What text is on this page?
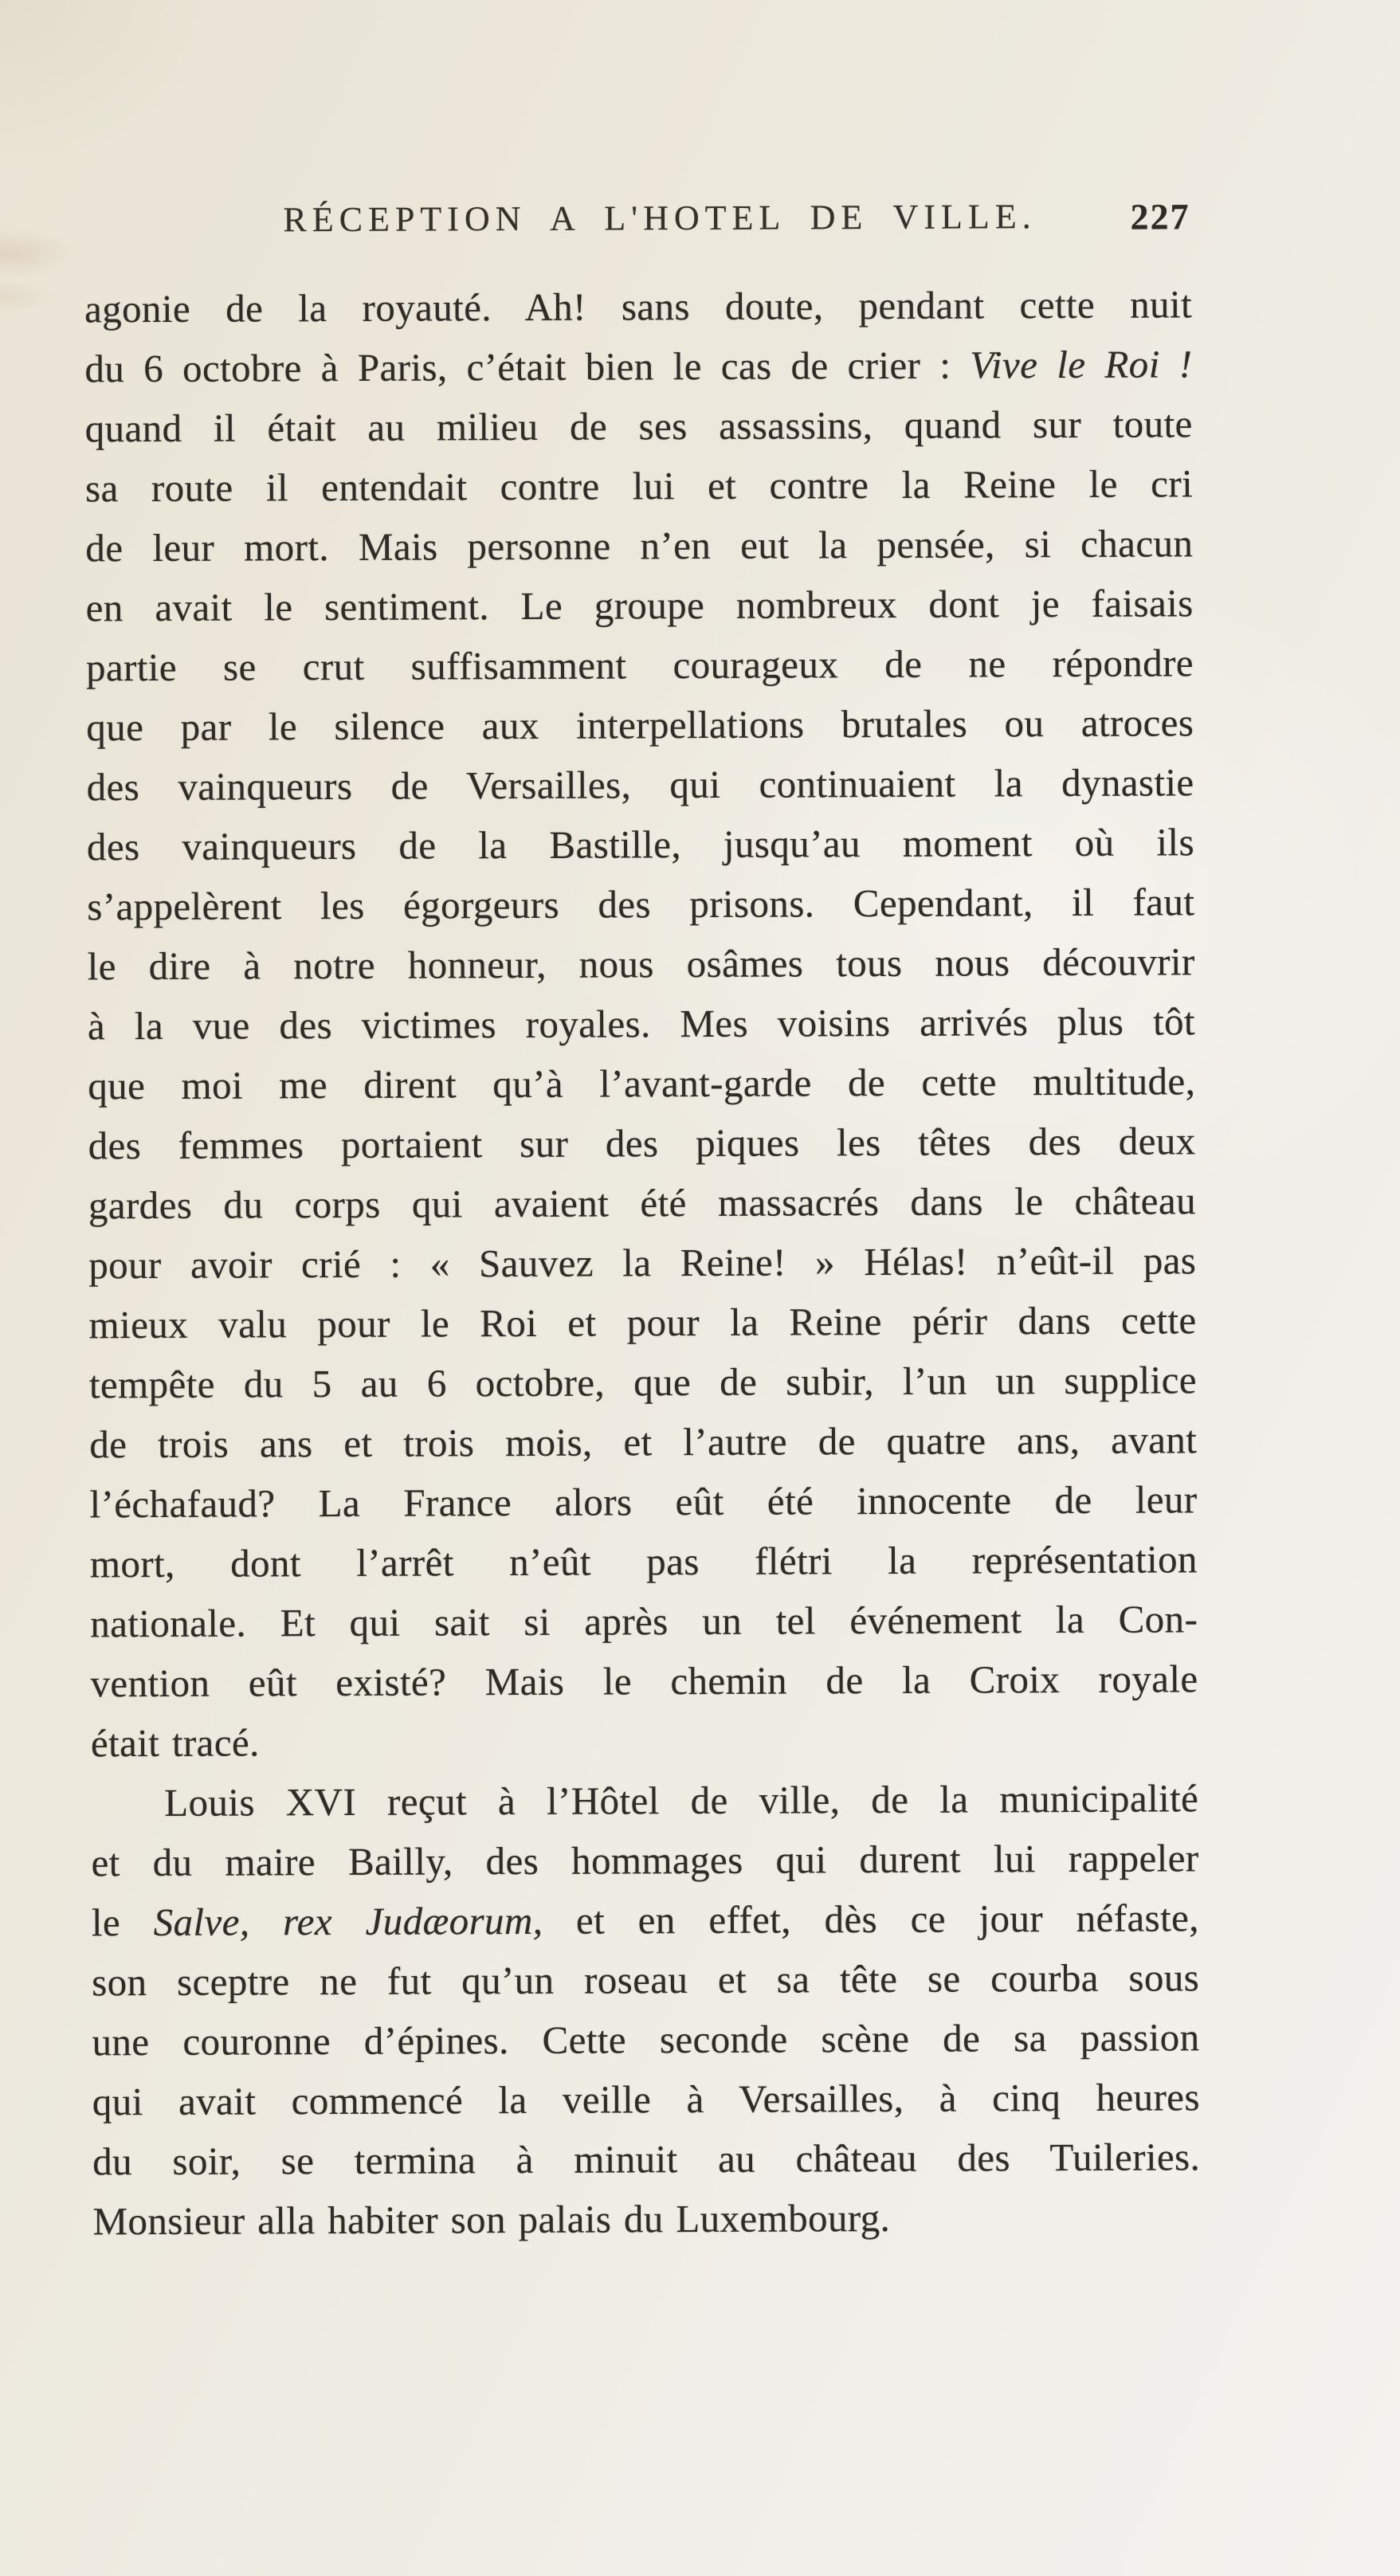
RÉCEPTION A L'HOTEL DE VILLE.	227
agonie de la royauté. Ah! sans doute, pendant cette nuit
du 6 octobre à Paris, c’était bien le cas de crier : Vive le Roi !
quand il était au milieu de ses assassins, quand sur toute
sa route il entendait contre lui et contre la Reine le cri
de leur mort. Mais personne n’en eut la pensée, si chacun
en avait le sentiment. Le groupe nombreux dont je faisais
partie se crut suffisamment courageux de ne répondre
que par le silence aux interpellations brutales ou atroces
des vainqueurs de Versailles, qui continuaient la dynastie
des vainqueurs de la Bastille, jusqu’au moment où ils
s’appelèrent les égorgeurs des prisons. Cependant, il faut
le dire à notre honneur, nous osâmes tous nous découvrir
à la vue des victimes royales. Mes voisins arrivés plus tôt
que moi me dirent qu’à l’avant-garde de cette multitude,
des femmes portaient sur des piques les têtes des deux
gardes du corps qui avaient été massacrés dans le château
pour avoir crié : « Sauvez la Reine! » Hélas! n’eût-il pas
mieux valu pour le Roi et pour la Reine périr dans cette
tempête du 5 au 6 octobre, que de subir, l’un un supplice
de trois ans et trois mois, et l’autre de quatre ans, avant
l’échafaud? La France alors eût été innocente de leur
mort, dont l’arrêt n’eût pas flétri la représentation
nationale. Et qui sait si après un tel événement la Con-
vention eût existé? Mais le chemin de la Croix royale
était tracé.
Louis XVI reçut à l’Hôtel de ville, de la municipalité
et du maire Bailly, des hommages qui durent lui rappeler
le Salve, rex Judæorum, et en effet, dès ce jour néfaste,
son sceptre ne fut qu’un roseau et sa tête se courba sous
une couronne d’épines. Cette seconde scène de sa passion
qui avait commencé la veille à Versailles, à cinq heures
du soir, se termina à minuit au château des Tuileries.
Monsieur alla habiter son palais du Luxembourg.
